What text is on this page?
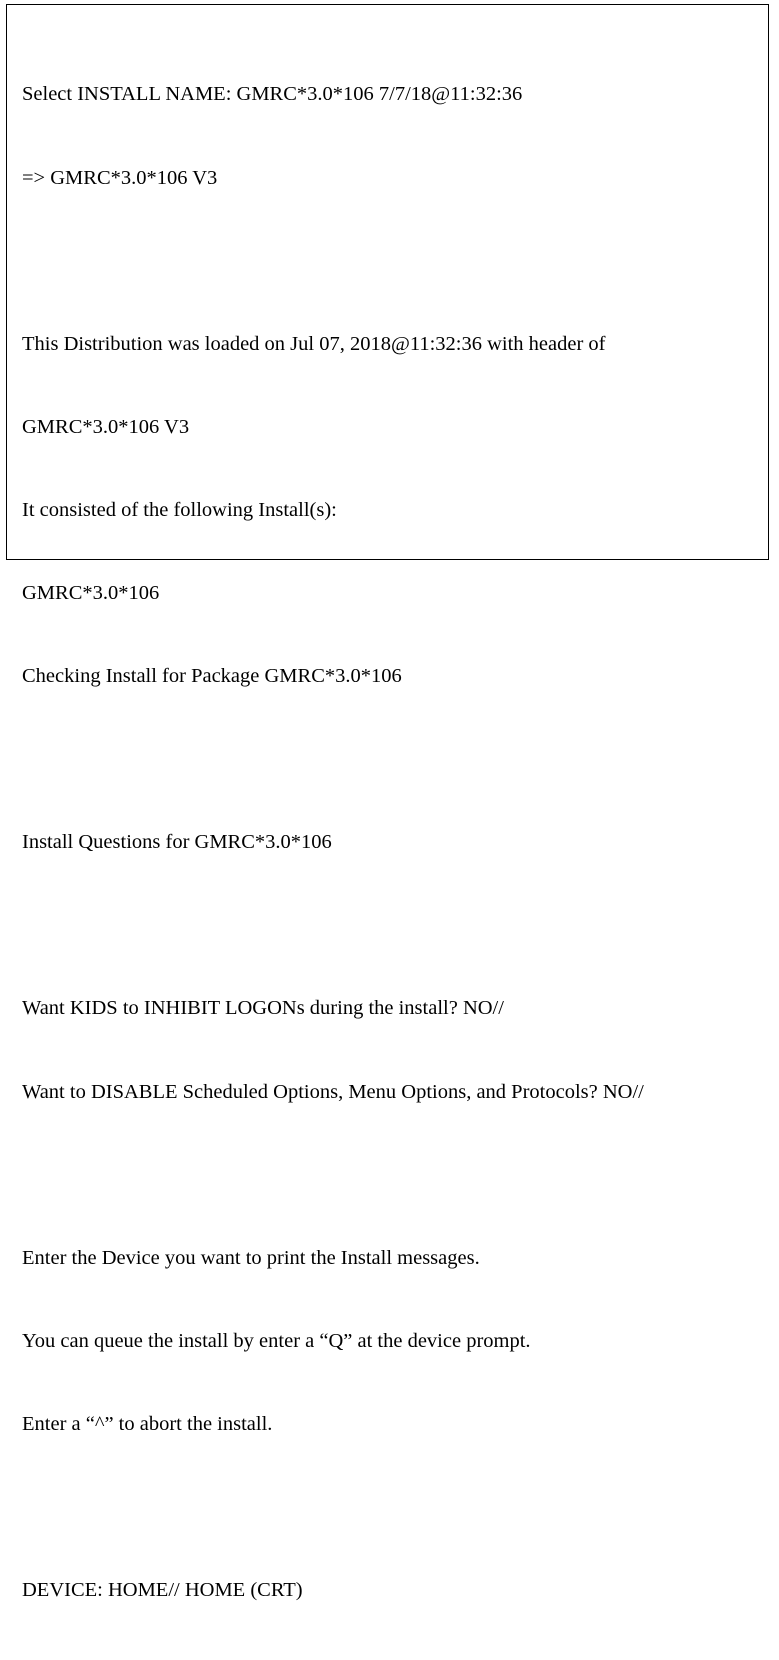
Select INSTALL NAME: GMRC*3.0*106 7/7/18@11:32:36

=> GMRC*3.0*106 V3

This Distribution was loaded on Jul 07, 2018@11:32:36 with header of

GMRC*3.0*106 V3

It consisted of the following Install(s):

GMRC*3.0*106

Checking Install for Package GMRC*3.0*106

Install Questions for GMRC*3.0*106

Want KIDS to INHIBIT LOGONs during the install? NO//

Want to DISABLE Scheduled Options, Menu Options, and Protocols? NO//

Enter the Device you want to print the Install messages.

You can queue the install by enter a “Q” at the device prompt.

Enter a “^” to abort the install.

DEVICE: HOME// HOME (CRT)
